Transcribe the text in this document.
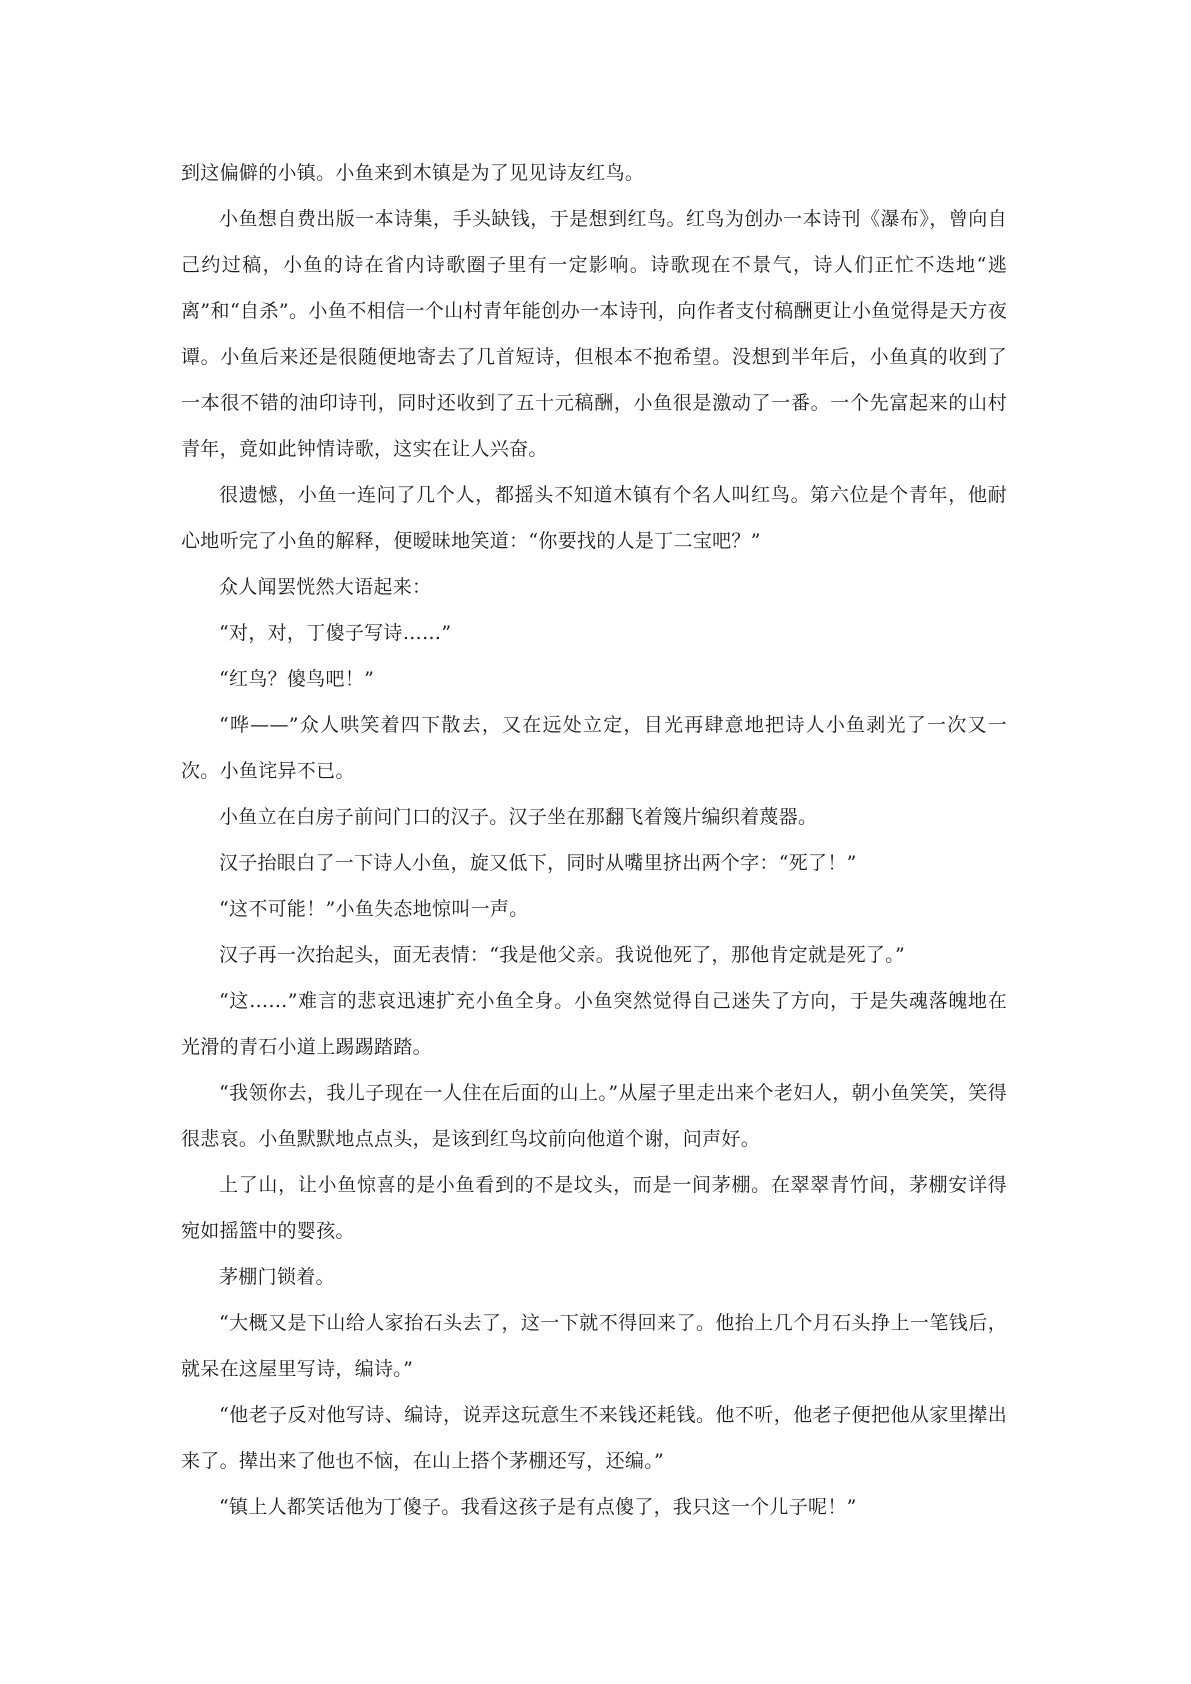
到这偏僻的小镇。小鱼来到木镇是为了见见诗友红鸟。

小鱼想自费出版一本诗集，手头缺钱，于是想到红鸟。红鸟为创办一本诗刊《瀑布》，曾向自己约过稿，小鱼的诗在省内诗歌圈子里有一定影响。诗歌现在不景气，诗人们正忙不迭地“逃离”和“自杀”。小鱼不相信一个山村青年能创办一本诗刊，向作者支付稿酬更让小鱼觉得是天方夜谭。小鱼后来还是很随便地寄去了几首短诗，但根本不抱希望。没想到半年后，小鱼真的收到了一本很不错的油印诗刊，同时还收到了五十元稿酬，小鱼很是激动了一番。一个先富起来的山村青年，竟如此钟情诗歌，这实在让人兴奋。

很遗憾，小鱼一连问了几个人，都摇头不知道木镇有个名人叫红鸟。第六位是个青年，他耐心地听完了小鱼的解释，便暧昧地笑道：“你要找的人是丁二宝吧？”

众人闻罢恍然大语起来：

“对，对，丁傻子写诗……”

“红鸟？傻鸟吧！”

“哗——”众人哄笑着四下散去，又在远处立定，目光再肆意地把诗人小鱼剥光了一次又一次。小鱼诧异不已。

小鱼立在白房子前问门口的汉子。汉子坐在那翻飞着篾片编织着蔑器。

汉子抬眼白了一下诗人小鱼，旋又低下，同时从嘴里挤出两个字：“死了！”

“这不可能！”小鱼失态地惊叫一声。

汉子再一次抬起头，面无表情：“我是他父亲。我说他死了，那他肯定就是死了。”

“这……”难言的悲哀迅速扩充小鱼全身。小鱼突然觉得自己迷失了方向，于是失魂落魄地在光滑的青石小道上踢踢踏踏。

“我领你去，我儿子现在一人住在后面的山上。”从屋子里走出来个老妇人，朝小鱼笑笑，笑得很悲哀。小鱼默默地点点头，是该到红鸟坟前向他道个谢，问声好。

上了山，让小鱼惊喜的是小鱼看到的不是坟头，而是一间茅棚。在翠翠青竹间，茅棚安详得宛如摇篮中的婴孩。

茅棚门锁着。

“大概又是下山给人家抬石头去了，这一下就不得回来了。他抬上几个月石头挣上一笔钱后，就呆在这屋里写诗，编诗。”

“他老子反对他写诗、编诗，说弄这玩意生不来钱还耗钱。他不听，他老子便把他从家里撵出来了。撵出来了他也不恼，在山上搭个茅棚还写，还编。”

“镇上人都笑话他为丁傻子。我看这孩子是有点傻了，我只这一个儿子呢！”
